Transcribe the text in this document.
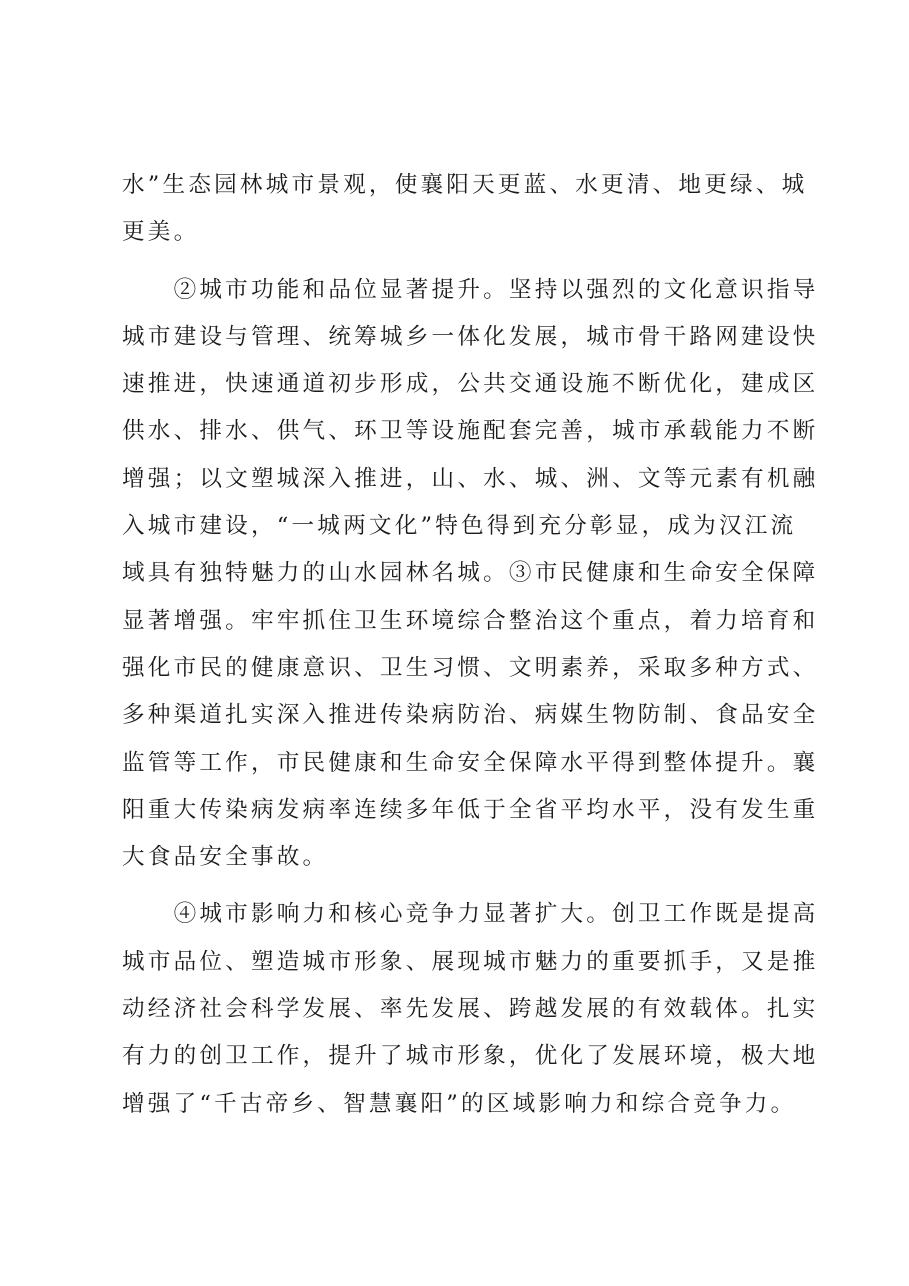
水”生态园林城市景观，使襄阳天更蓝、水更清、地更绿、城
更美。
　　②城市功能和品位显著提升。坚持以强烈的文化意识指导
城市建设与管理、统筹城乡一体化发展，城市骨干路网建设快
速推进，快速通道初步形成，公共交通设施不断优化，建成区
供水、排水、供气、环卫等设施配套完善，城市承载能力不断
增强；以文塑城深入推进，山、水、城、洲、文等元素有机融
入城市建设，“一城两文化”特色得到充分彰显，成为汉江流
域具有独特魅力的山水园林名城。③市民健康和生命安全保障
显著增强。牢牢抓住卫生环境综合整治这个重点，着力培育和
强化市民的健康意识、卫生习惯、文明素养，采取多种方式、
多种渠道扎实深入推进传染病防治、病媒生物防制、食品安全
监管等工作，市民健康和生命安全保障水平得到整体提升。襄
阳重大传染病发病率连续多年低于全省平均水平，没有发生重
大食品安全事故。
　　④城市影响力和核心竞争力显著扩大。创卫工作既是提高
城市品位、塑造城市形象、展现城市魅力的重要抓手，又是推
动经济社会科学发展、率先发展、跨越发展的有效载体。扎实
有力的创卫工作，提升了城市形象，优化了发展环境，极大地
增强了“千古帝乡、智慧襄阳”的区域影响力和综合竞争力。
